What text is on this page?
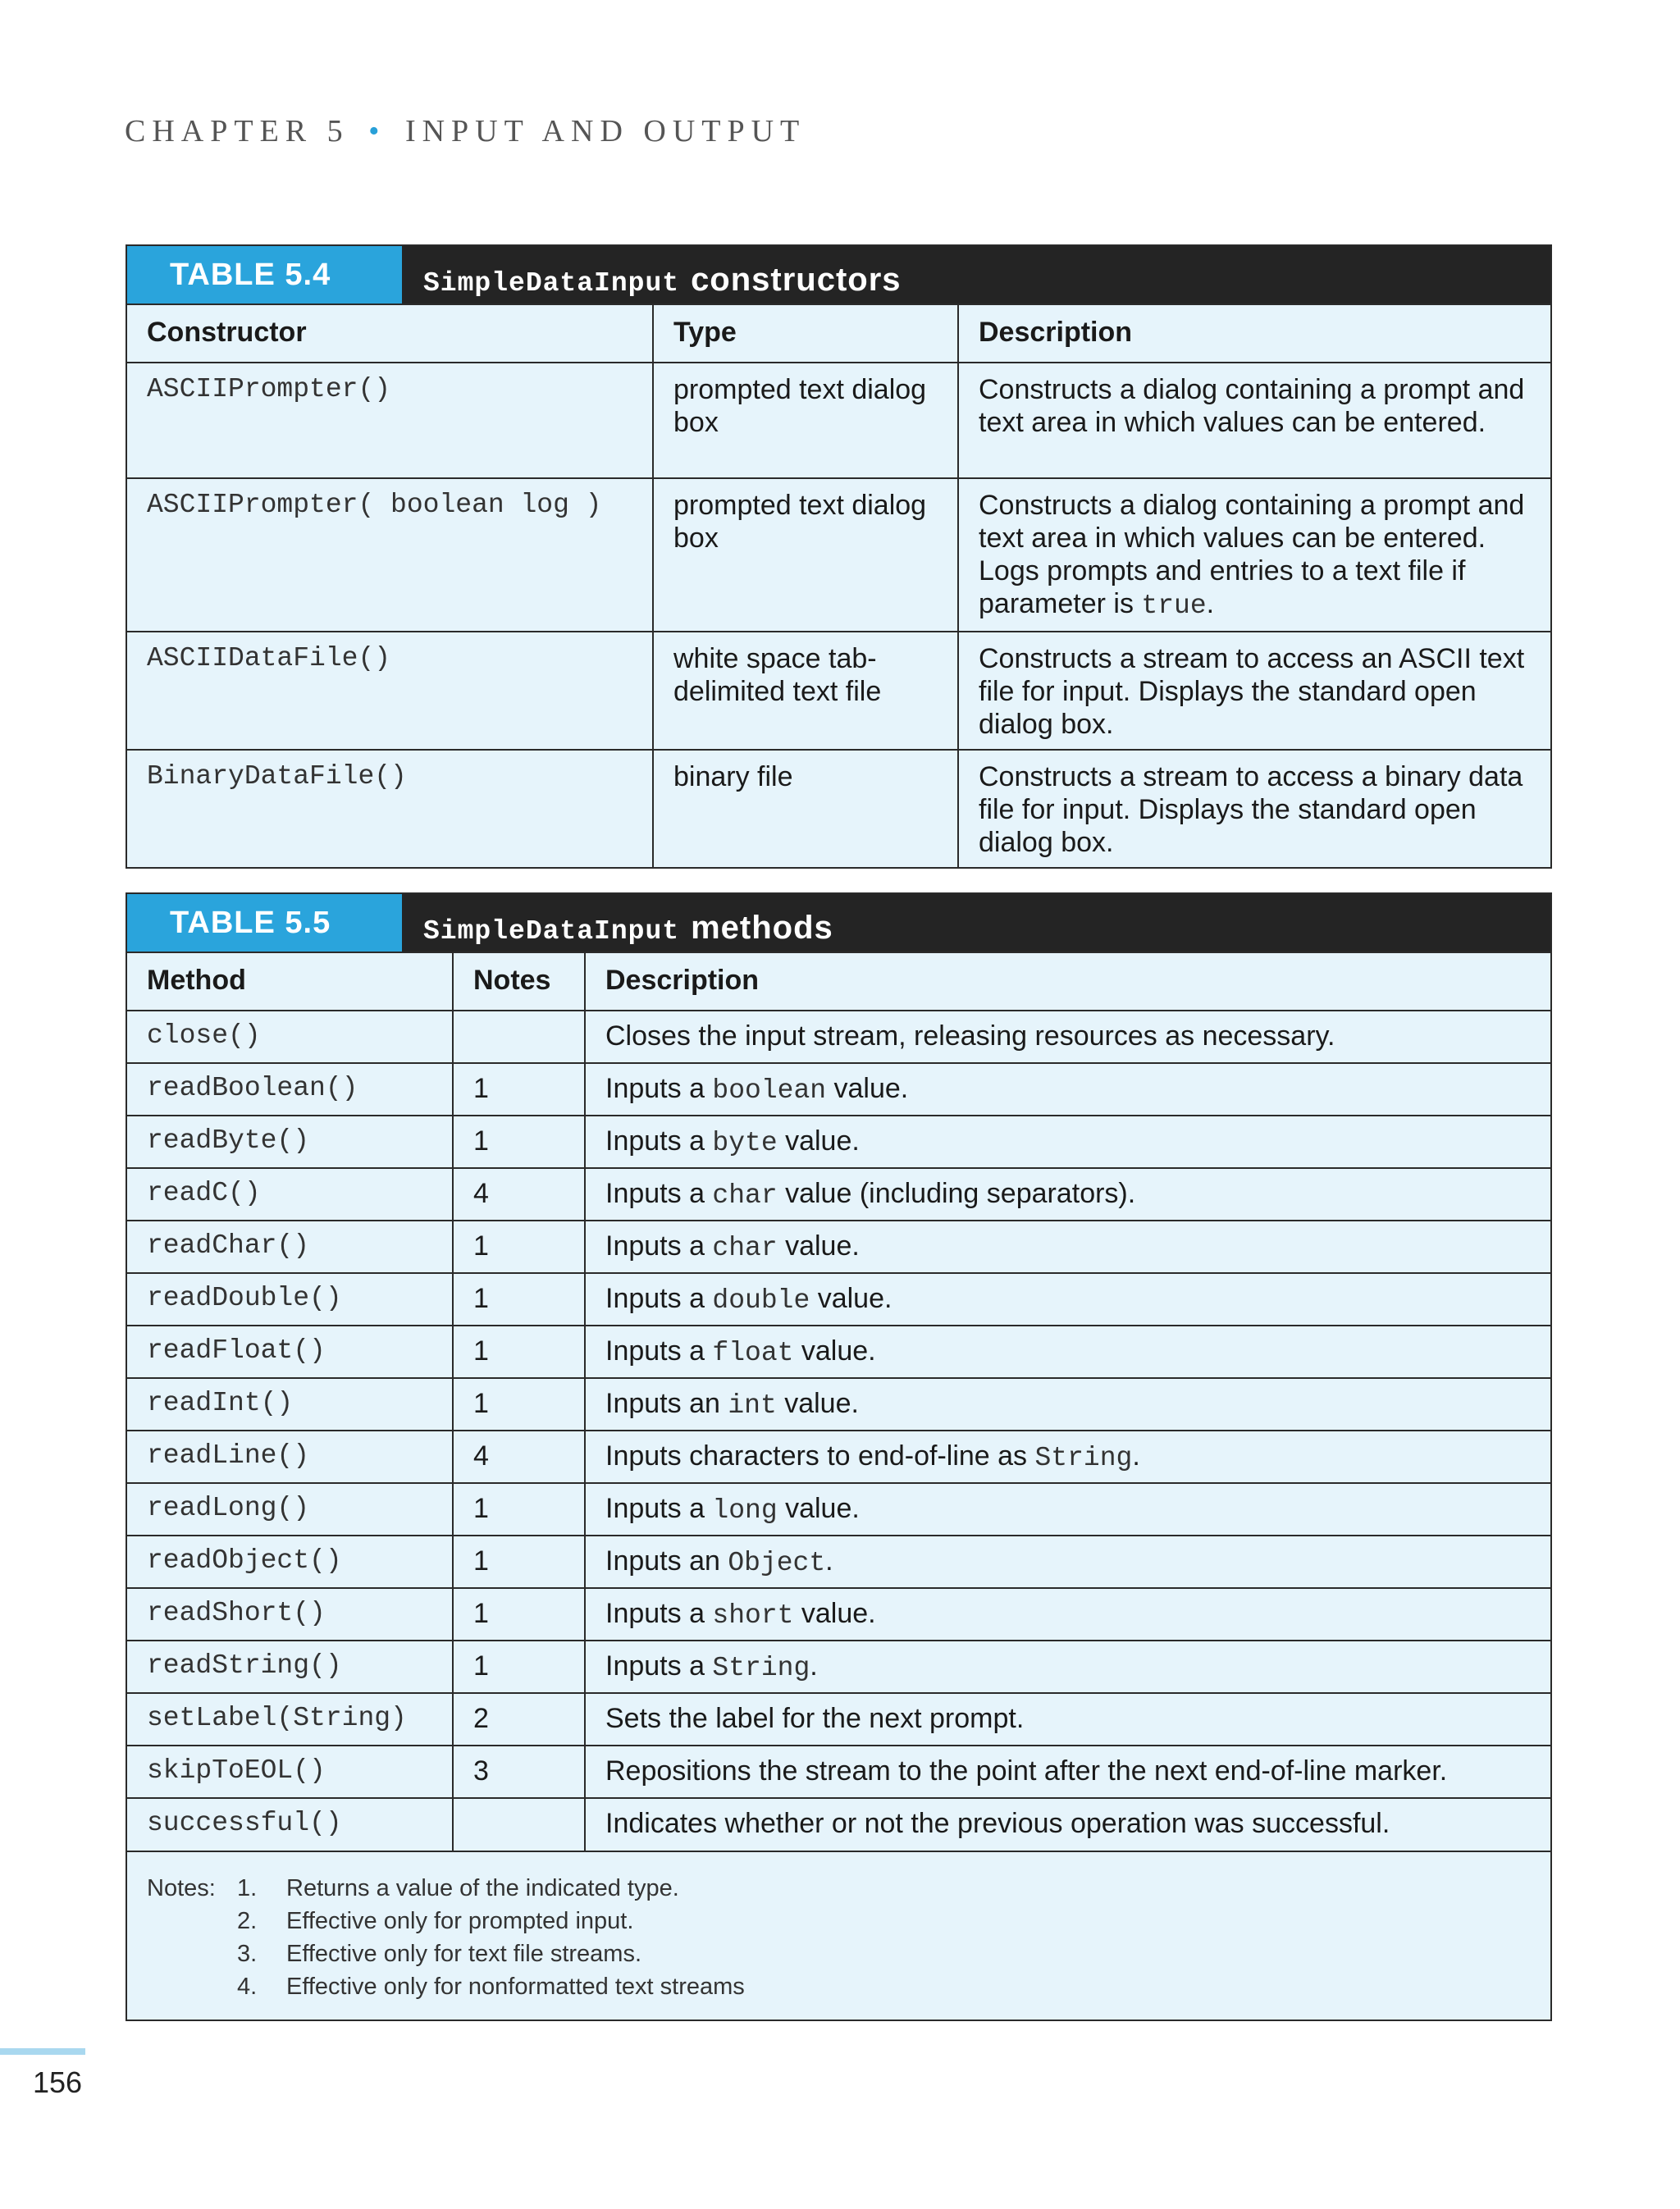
CHAPTER 5 • INPUT AND OUTPUT
TABLE 5.4	SimpleDataInput constructors
Constructor	Type	Description
ASCIIPrompter()	prompted text dialog box	Constructs a dialog containing a prompt and text area in which values can be entered.
ASCIIPrompter( boolean log )	prompted text dialog box	Constructs a dialog containing a prompt and text area in which values can be entered. Logs prompts and entries to a text file if parameter is true.
ASCIIDataFile()	white space tab-delimited text file	Constructs a stream to access an ASCII text file for input. Displays the standard open dialog box.
BinaryDataFile()	binary file	Constructs a stream to access a binary data file for input. Displays the standard open dialog box.
TABLE 5.5	SimpleDataInput methods
Method	Notes	Description
close()		Closes the input stream, releasing resources as necessary.
readBoolean()	1	Inputs a boolean value.
readByte()	1	Inputs a byte value.
readC()	4	Inputs a char value (including separators).
readChar()	1	Inputs a char value.
readDouble()	1	Inputs a double value.
readFloat()	1	Inputs a float value.
readInt()	1	Inputs an int value.
readLine()	4	Inputs characters to end-of-line as String.
readLong()	1	Inputs a long value.
readObject()	1	Inputs an Object.
readShort()	1	Inputs a short value.
readString()	1	Inputs a String.
setLabel(String)	2	Sets the label for the next prompt.
skipToEOL()	3	Repositions the stream to the point after the next end-of-line marker.
successful()		Indicates whether or not the previous operation was successful.
Notes: 1.	Returns a value of the indicated type.
2.	Effective only for prompted input.
3.	Effective only for text file streams.
4.	Effective only for nonformatted text streams
156
